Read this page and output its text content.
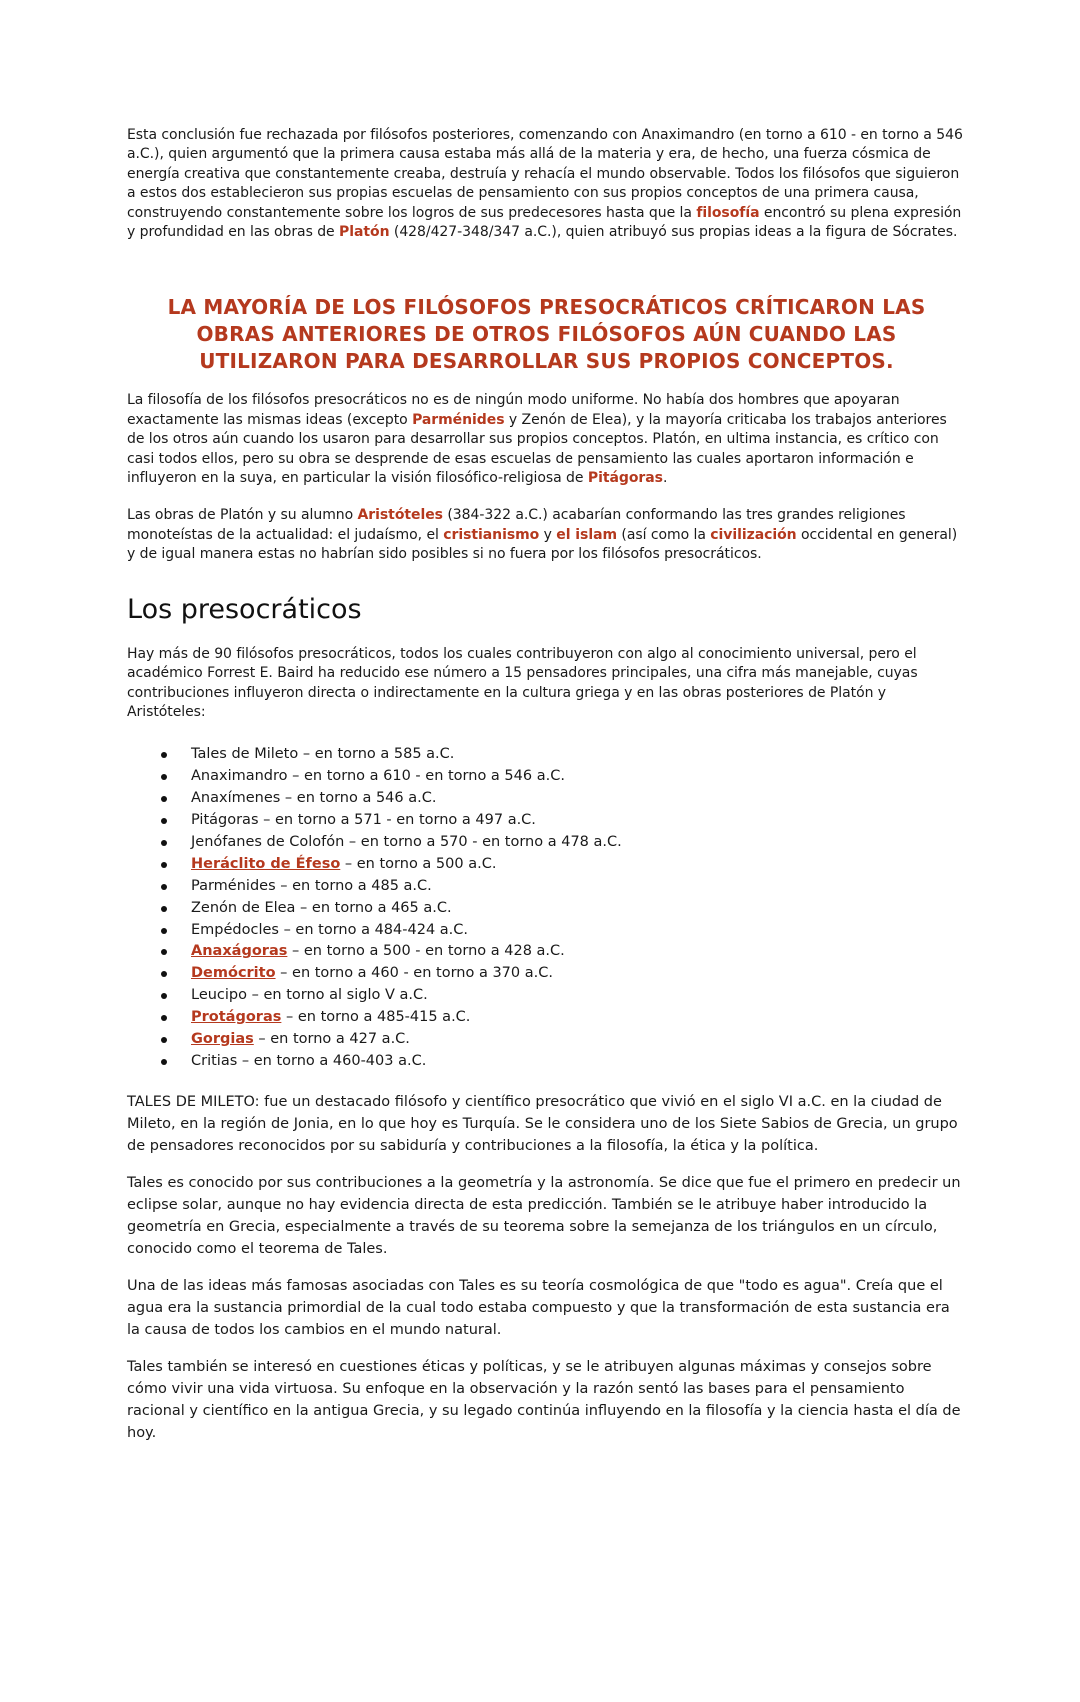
Esta conclusión fue rechazada por filósofos posteriores, comenzando con Anaximandro (en torno a 610 - en torno a 546 a.C.), quien argumentó que la primera causa estaba más allá de la materia y era, de hecho, una fuerza cósmica de energía creativa que constantemente creaba, destruía y rehacía el mundo observable. Todos los filósofos que siguieron a estos dos establecieron sus propias escuelas de pensamiento con sus propios conceptos de una primera causa, construyendo constantemente sobre los logros de sus predecesores hasta que la filosofía encontró su plena expresión y profundidad en las obras de Platón (428/427-348/347 a.C.), quien atribuyó sus propias ideas a la figura de Sócrates.

LA MAYORÍA DE LOS FILÓSOFOS PRESOCRÁTICOS CRÍTICARON LAS OBRAS ANTERIORES DE OTROS FILÓSOFOS AÚN CUANDO LAS UTILIZARON PARA DESARROLLAR SUS PROPIOS CONCEPTOS.

La filosofía de los filósofos presocráticos no es de ningún modo uniforme. No había dos hombres que apoyaran exactamente las mismas ideas (excepto Parménides y Zenón de Elea), y la mayoría criticaba los trabajos anteriores de los otros aún cuando los usaron para desarrollar sus propios conceptos. Platón, en ultima instancia, es crítico con casi todos ellos, pero su obra se desprende de esas escuelas de pensamiento las cuales aportaron información e influyeron en la suya, en particular la visión filosófico-religiosa de Pitágoras.

Las obras de Platón y su alumno Aristóteles (384-322 a.C.) acabarían conformando las tres grandes religiones monoteístas de la actualidad: el judaísmo, el cristianismo y el islam (así como la civilización occidental en general) y de igual manera estas no habrían sido posibles si no fuera por los filósofos presocráticos.

Los presocráticos

Hay más de 90 filósofos presocráticos, todos los cuales contribuyeron con algo al conocimiento universal, pero el académico Forrest E. Baird ha reducido ese número a 15 pensadores principales, una cifra más manejable, cuyas contribuciones influyeron directa o indirectamente en la cultura griega y en las obras posteriores de Platón y Aristóteles:

Tales de Mileto – en torno a 585 a.C.
Anaximandro – en torno a 610 - en torno a 546 a.C.
Anaxímenes – en torno a 546 a.C.
Pitágoras – en torno a 571 - en torno a 497 a.C.
Jenófanes de Colofón – en torno a 570 - en torno a 478 a.C.
Heráclito de Éfeso – en torno a 500 a.C.
Parménides – en torno a 485 a.C.
Zenón de Elea – en torno a 465 a.C.
Empédocles – en torno a 484-424 a.C.
Anaxágoras – en torno a 500 - en torno a 428 a.C.
Demócrito – en torno a 460 - en torno a 370 a.C.
Leucipo – en torno al siglo V a.C.
Protágoras – en torno a 485-415 a.C.
Gorgias – en torno a 427 a.C.
Critias – en torno a 460-403 a.C.

TALES DE MILETO: fue un destacado filósofo y científico presocrático que vivió en el siglo VI a.C. en la ciudad de Mileto, en la región de Jonia, en lo que hoy es Turquía. Se le considera uno de los Siete Sabios de Grecia, un grupo de pensadores reconocidos por su sabiduría y contribuciones a la filosofía, la ética y la política.

Tales es conocido por sus contribuciones a la geometría y la astronomía. Se dice que fue el primero en predecir un eclipse solar, aunque no hay evidencia directa de esta predicción. También se le atribuye haber introducido la geometría en Grecia, especialmente a través de su teorema sobre la semejanza de los triángulos en un círculo, conocido como el teorema de Tales.

Una de las ideas más famosas asociadas con Tales es su teoría cosmológica de que "todo es agua". Creía que el agua era la sustancia primordial de la cual todo estaba compuesto y que la transformación de esta sustancia era la causa de todos los cambios en el mundo natural.

Tales también se interesó en cuestiones éticas y políticas, y se le atribuyen algunas máximas y consejos sobre cómo vivir una vida virtuosa. Su enfoque en la observación y la razón sentó las bases para el pensamiento racional y científico en la antigua Grecia, y su legado continúa influyendo en la filosofía y la ciencia hasta el día de hoy.
